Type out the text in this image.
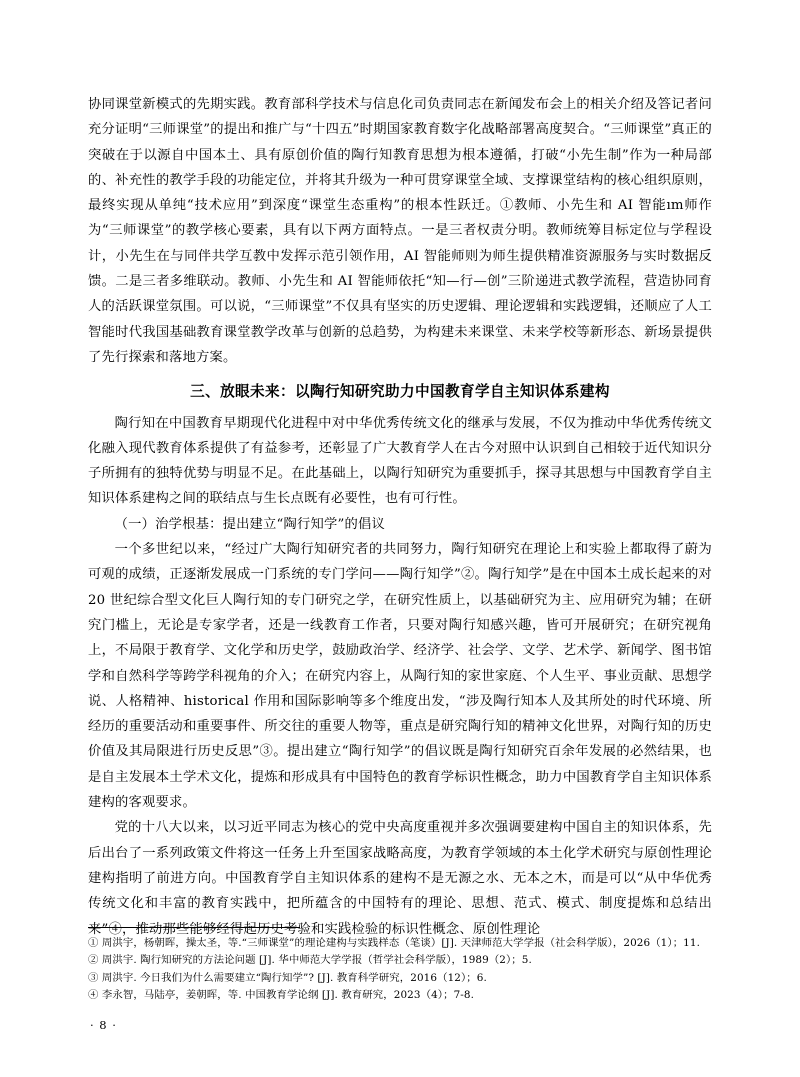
协同课堂新模式的先期实践。教育部科学技术与信息化司负责同志在新闻发布会上的相关介绍及答记者问充分证明“三师课堂”的提出和推广与“十四五”时期国家教育数字化战略部署高度契合。“三师课堂”真正的突破在于以源自中国本土、具有原创价值的陶行知教育思想为根本遵循，打破“小先生制”作为一种局部的、补充性的教学手段的功能定位，并将其升级为一种可贯穿课堂全域、支撑课堂结构的核心组织原则，最终实现从单纯“技术应用”到深度“课堂生态重构”的根本性跃迁。①教师、小先生和 AI 智能ım师作为“三师课堂”的教学核心要素，具有以下两方面特点。一是三者权责分明。教师统筹目标定位与学程设计，小先生在与同伴共学互教中发挥示范引领作用，AI 智能师则为师生提供精准资源服务与实时数据反馈。二是三者多维联动。教师、小先生和 AI 智能师依托“知—行—创”三阶递进式教学流程，营造协同育人的活跃课堂氛围。可以说，“三师课堂”不仅具有坚实的历史逻辑、理论逻辑和实践逻辑，还顺应了人工智能时代我国基础教育课堂教学改革与创新的总趋势，为构建未来课堂、未来学校等新形态、新场景提供了先行探索和落地方案。

三、放眼未来：以陶行知研究助力中国教育学自主知识体系建构

陶行知在中国教育早期现代化进程中对中华优秀传统文化的继承与发展，不仅为推动中华优秀传统文化融入现代教育体系提供了有益参考，还彰显了广大教育学人在古今对照中认识到自己相较于近代知识分子所拥有的独特优势与明显不足。在此基础上，以陶行知研究为重要抓手，探寻其思想与中国教育学自主知识体系建构之间的联结点与生长点既有必要性，也有可行性。

（一）治学根基：提出建立“陶行知学”的倡议

一个多世纪以来，“经过广大陶行知研究者的共同努力，陶行知研究在理论上和实验上都取得了蔚为可观的成绩，正逐渐发展成一门系统的专门学问——陶行知学”②。陶行知学”是在中国本土成长起来的对 20 世纪综合型文化巨人陶行知的专门研究之学，在研究性质上，以基础研究为主、应用研究为辅；在研究门槛上，无论是专家学者，还是一线教育工作者，只要对陶行知感兴趣，皆可开展研究；在研究视角上，不局限于教育学、文化学和历史学，鼓励政治学、经济学、社会学、文学、艺术学、新闻学、图书馆学和自然科学等跨学科视角的介入；在研究内容上，从陶行知的家世家庭、个人生平、事业贡献、思想学说、人格精神、historical 作用和国际影响等多个维度出发，“涉及陶行知本人及其所处的时代环境、所经历的重要活动和重要事件、所交往的重要人物等，重点是研究陶行知的精神文化世界，对陶行知的历史价值及其局限进行历史反思”③。提出建立“陶行知学”的倡议既是陶行知研究百余年发展的必然结果，也是自主发展本土学术文化，提炼和形成具有中国特色的教育学标识性概念，助力中国教育学自主知识体系建构的客观要求。

党的十八大以来，以习近平同志为核心的党中央高度重视并多次强调要建构中国自主的知识体系，先后出台了一系列政策文件将这一任务上升至国家战略高度，为教育学领域的本土化学术研究与原创性理论建构指明了前进方向。中国教育学自主知识体系的建构不是无源之水、无本之木，而是可以“从中华优秀传统文化和丰富的教育实践中，把所蕴含的中国特有的理论、思想、范式、模式、制度提炼和总结出来”④，推动那些能够经得起历史考验和实践检验的标识性概念、原创性理论

① 周洪宇，杨朝晖，操太圣，等.“三师课堂”的理论建构与实践样态（笔谈）[J]. 天津师范大学学报（社会科学版），2026（1）；11.

② 周洪宇. 陶行知研究的方法论问题 [J]. 华中师范大学学报（哲学社会科学版），1989（2）；5.

③ 周洪宇. 今日我们为什么需要建立“陶行知学”? [J]. 教育科学研究，2016（12）；6.

④ 李永智，马陆亭，姜朝晖，等. 中国教育学论纲 [J]. 教育研究，2023（4）；7-8.

· 8 ·
